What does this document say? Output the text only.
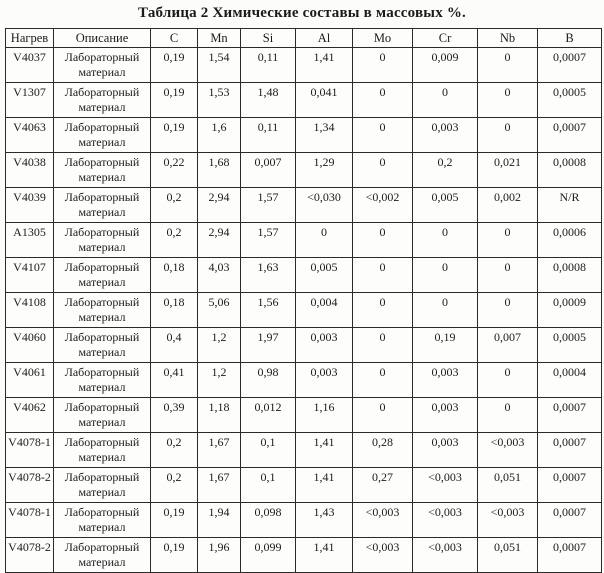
Таблица 2 Химические составы в массовых %.
Нагрев	Описание	C	Mn	Si	Al	Mo	Cr	Nb	B
V4037	Лабораторный материал	0,19	1,54	0,11	1,41	0	0,009	0	0,0007
V1307	Лабораторный материал	0,19	1,53	1,48	0,041	0	0	0	0,0005
V4063	Лабораторный материал	0,19	1,6	0,11	1,34	0	0,003	0	0,0007
V4038	Лабораторный материал	0,22	1,68	0,007	1,29	0	0,2	0,021	0,0008
V4039	Лабораторный материал	0,2	2,94	1,57	<0,030	<0,002	0,005	0,002	N/R
A1305	Лабораторный материал	0,2	2,94	1,57	0	0	0	0	0,0006
V4107	Лабораторный материал	0,18	4,03	1,63	0,005	0	0	0	0,0008
V4108	Лабораторный материал	0,18	5,06	1,56	0,004	0	0	0	0,0009
V4060	Лабораторный материал	0,4	1,2	1,97	0,003	0	0,19	0,007	0,0005
V4061	Лабораторный материал	0,41	1,2	0,98	0,003	0	0,003	0	0,0004
V4062	Лабораторный материал	0,39	1,18	0,012	1,16	0	0,003	0	0,0007
V4078-1	Лабораторный материал	0,2	1,67	0,1	1,41	0,28	0,003	<0,003	0,0007
V4078-2	Лабораторный материал	0,2	1,67	0,1	1,41	0,27	<0,003	0,051	0,0007
V4078-1	Лабораторный материал	0,19	1,94	0,098	1,43	<0,003	<0,003	<0,003	0,0007
V4078-2	Лабораторный материал	0,19	1,96	0,099	1,41	<0,003	<0,003	0,051	0,0007
